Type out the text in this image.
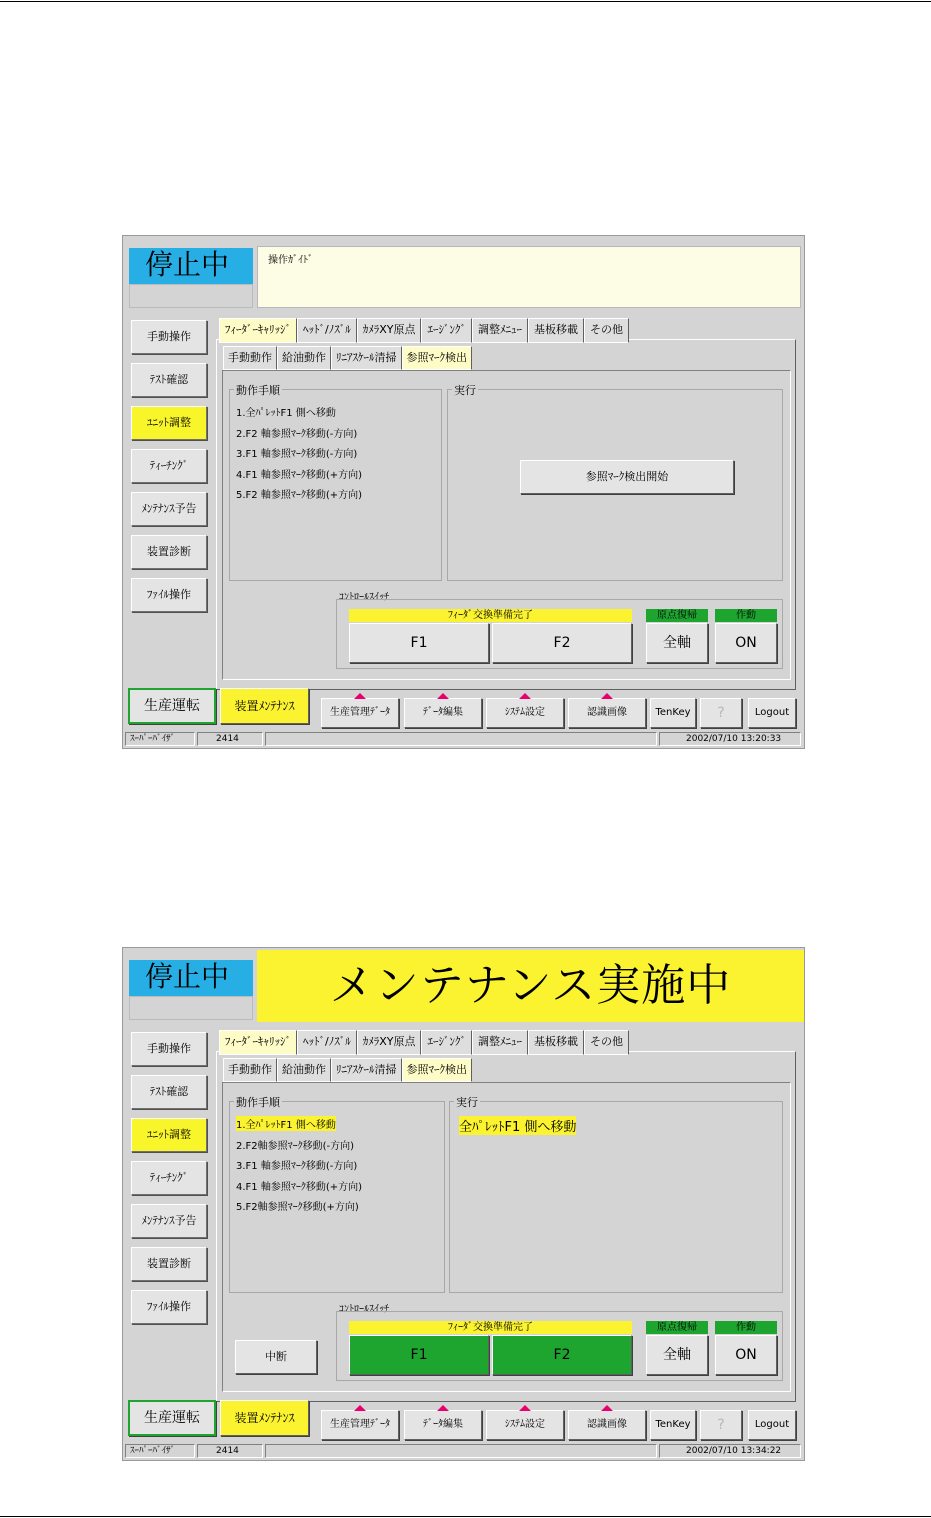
停止中	操作ｶﾞｲﾄﾞ
手動操作
ﾃｽﾄ確認
ﾕﾆｯﾄ調整
ﾃｨｰﾁﾝｸﾞ
ﾒﾝﾃﾅﾝｽ予告
装置診断
ﾌｧｲﾙ操作
ﾌｨｰﾀﾞｰｷｬﾘｯｼﾞ	ﾍｯﾄﾞ/ﾉｽﾞﾙ	ｶﾒﾗXY原点	ｴｰｼﾞﾝｸﾞ	調整ﾒﾆｭｰ	基板移載	その他
手動動作 給油動作 ﾘﾆｱｽｹｰﾙ清掃 参照ﾏｰｸ検出
動作手順
1.全ﾊﾟﾚｯﾄF1 側へ移動
2.F2 軸参照ﾏｰｸ移動(-方向)
3.F1 軸参照ﾏｰｸ移動(-方向)
4.F1 軸参照ﾏｰｸ移動(+方向)
5.F2 軸参照ﾏｰｸ移動(+方向)
実行
参照ﾏｰｸ検出開始
ｺﾝﾄﾛｰﾙｽｲｯﾁ
ﾌｨｰﾀﾞ交換準備完了
F1	F2
原点復帰
全軸
作動
ON
生産運転	装置ﾒﾝﾃﾅﾝｽ	生産管理ﾃﾞｰﾀ	ﾃﾞｰﾀ編集	ｼｽﾃﾑ設定	認識画像	TenKey	?	Logout
ｽｰﾊﾟｰﾊﾞｲｻﾞ	2414	2002/07/10 13:20:33
停止中	メンテナンス実施中
手動操作
ﾃｽﾄ確認
ﾕﾆｯﾄ調整
ﾃｨｰﾁﾝｸﾞ
ﾒﾝﾃﾅﾝｽ予告
装置診断
ﾌｧｲﾙ操作
ﾌｨｰﾀﾞｰｷｬﾘｯｼﾞ	ﾍｯﾄﾞ/ﾉｽﾞﾙ	ｶﾒﾗXY原点	ｴｰｼﾞﾝｸﾞ	調整ﾒﾆｭｰ	基板移載	その他
手動動作 給油動作 ﾘﾆｱｽｹｰﾙ清掃 参照ﾏｰｸ検出
動作手順
1.全ﾊﾟﾚｯﾄF1 側へ移動
2.F2軸参照ﾏｰｸ移動(-方向)
3.F1 軸参照ﾏｰｸ移動(-方向)
4.F1 軸参照ﾏｰｸ移動(+方向)
5.F2軸参照ﾏｰｸ移動(+方向)
実行
全ﾊﾟﾚｯﾄF1 側へ移動
中断
ｺﾝﾄﾛｰﾙｽｲｯﾁ
ﾌｨｰﾀﾞ交換準備完了
F1	F2
原点復帰
全軸
作動
ON
生産運転	装置ﾒﾝﾃﾅﾝｽ	生産管理ﾃﾞｰﾀ	ﾃﾞｰﾀ編集	ｼｽﾃﾑ設定	認識画像	TenKey	?	Logout
ｽｰﾊﾟｰﾊﾞｲｻﾞ	2414	2002/07/10 13:34:22
